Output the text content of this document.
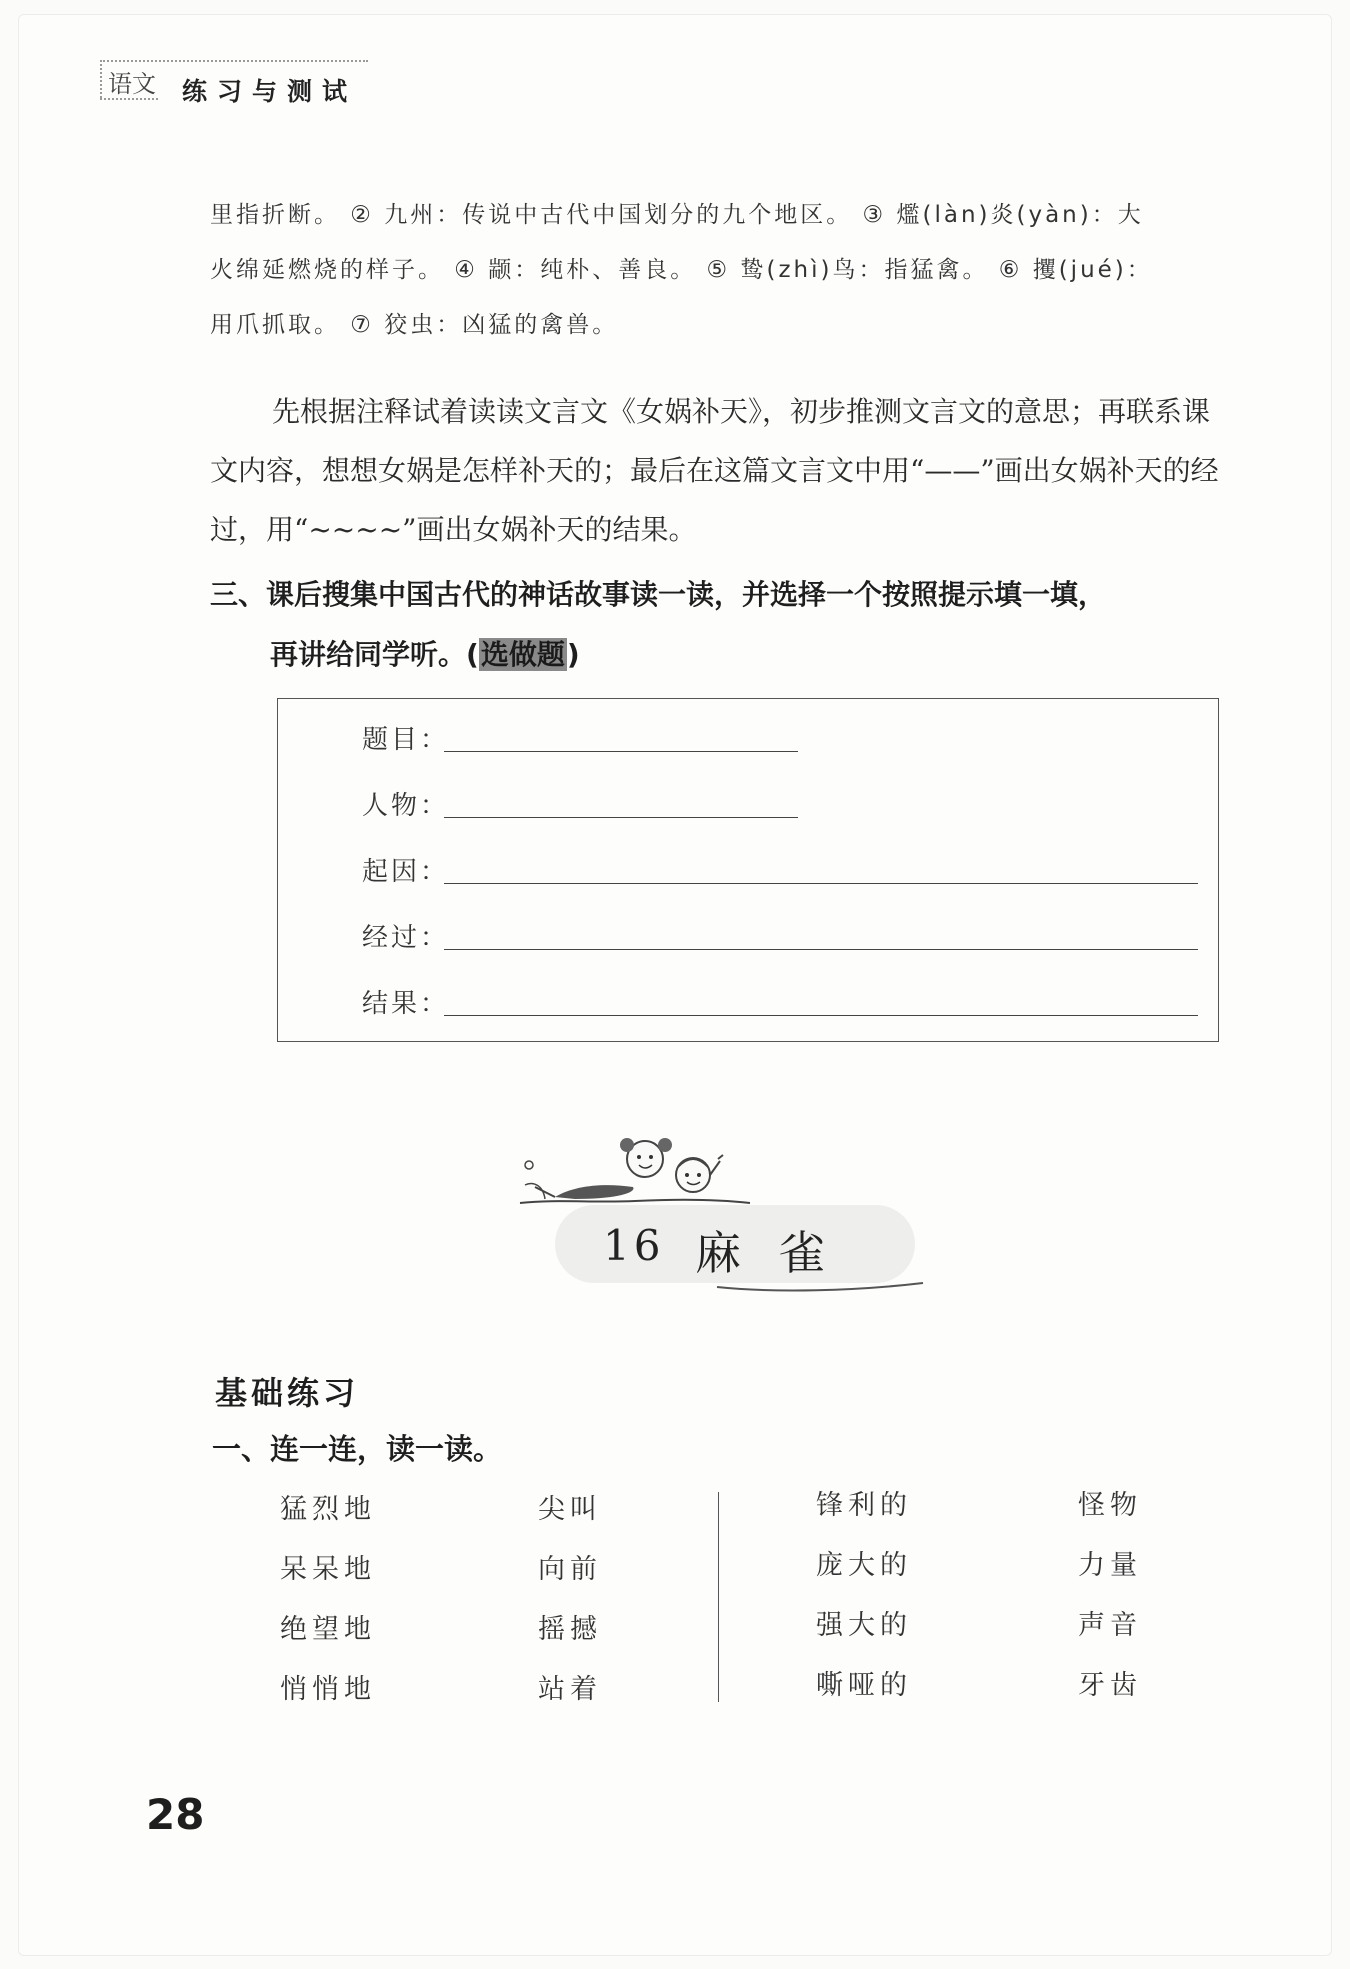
语文 练习与测试

里指折断。 ② 九州：传说中古代中国划分的九个地区。 ③ 爁(làn)炎(yàn)：大

火绵延燃烧的样子。 ④ 颛：纯朴、善良。 ⑤ 鸷(zhì)鸟：指猛禽。 ⑥ 攫(jué)：

用爪抓取。 ⑦ 狡虫：凶猛的禽兽。

先根据注释试着读读文言文《女娲补天》，初步推测文言文的意思；再联系课文内容，想想女娲是怎样补天的；最后在这篇文言文中用“——”画出女娲补天的经过，用“~~~~”画出女娲补天的结果。

三、课后搜集中国古代的神话故事读一读，并选择一个按照提示填一填，
再讲给同学听。(选做题)
题目：
人物：
起因：
经过：
结果：
16 麻雀
基础练习
一、连一连，读一读。
猛烈地
呆呆地
绝望地
悄悄地
尖叫
向前
摇撼
站着
锋利的
庞大的
强大的
嘶哑的
怪物
力量
声音
牙齿
28
